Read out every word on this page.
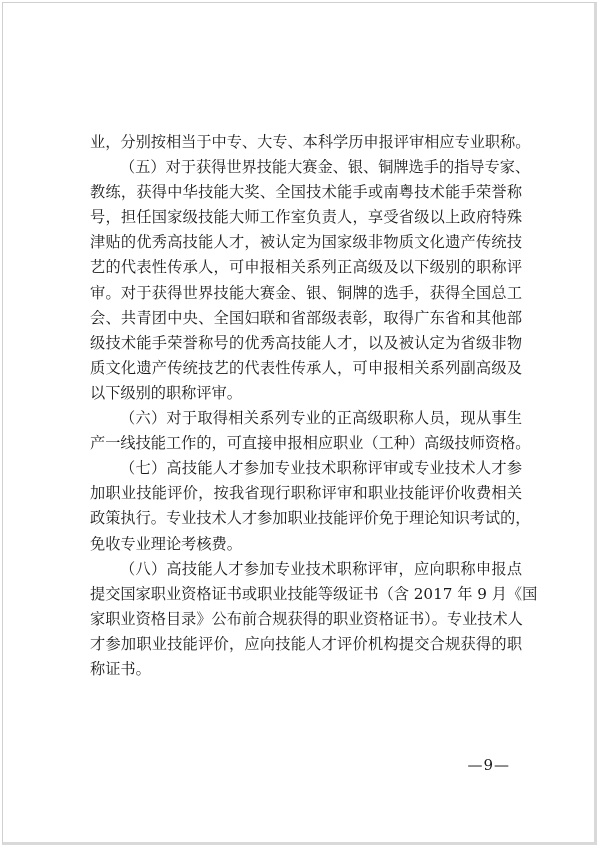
业，分别按相当于中专、大专、本科学历申报评审相应专业职称。
（五）对于获得世界技能大赛金、银、铜牌选手的指导专家、
教练，获得中华技能大奖、全国技术能手或南粤技术能手荣誉称
号，担任国家级技能大师工作室负责人，享受省级以上政府特殊
津贴的优秀高技能人才，被认定为国家级非物质文化遗产传统技
艺的代表性传承人，可申报相关系列正高级及以下级别的职称评
审。对于获得世界技能大赛金、银、铜牌的选手，获得全国总工
会、共青团中央、全国妇联和省部级表彰，取得广东省和其他部
级技术能手荣誉称号的优秀高技能人才，以及被认定为省级非物
质文化遗产传统技艺的代表性传承人，可申报相关系列副高级及
以下级别的职称评审。
（六）对于取得相关系列专业的正高级职称人员，现从事生
产一线技能工作的，可直接申报相应职业（工种）高级技师资格。
（七）高技能人才参加专业技术职称评审或专业技术人才参
加职业技能评价，按我省现行职称评审和职业技能评价收费相关
政策执行。专业技术人才参加职业技能评价免于理论知识考试的，
免收专业理论考核费。
（八）高技能人才参加专业技术职称评审，应向职称申报点
提交国家职业资格证书或职业技能等级证书（含 2017 年 9 月《国
家职业资格目录》公布前合规获得的职业资格证书）。专业技术人
才参加职业技能评价，应向技能人才评价机构提交合规获得的职
称证书。
—9—
